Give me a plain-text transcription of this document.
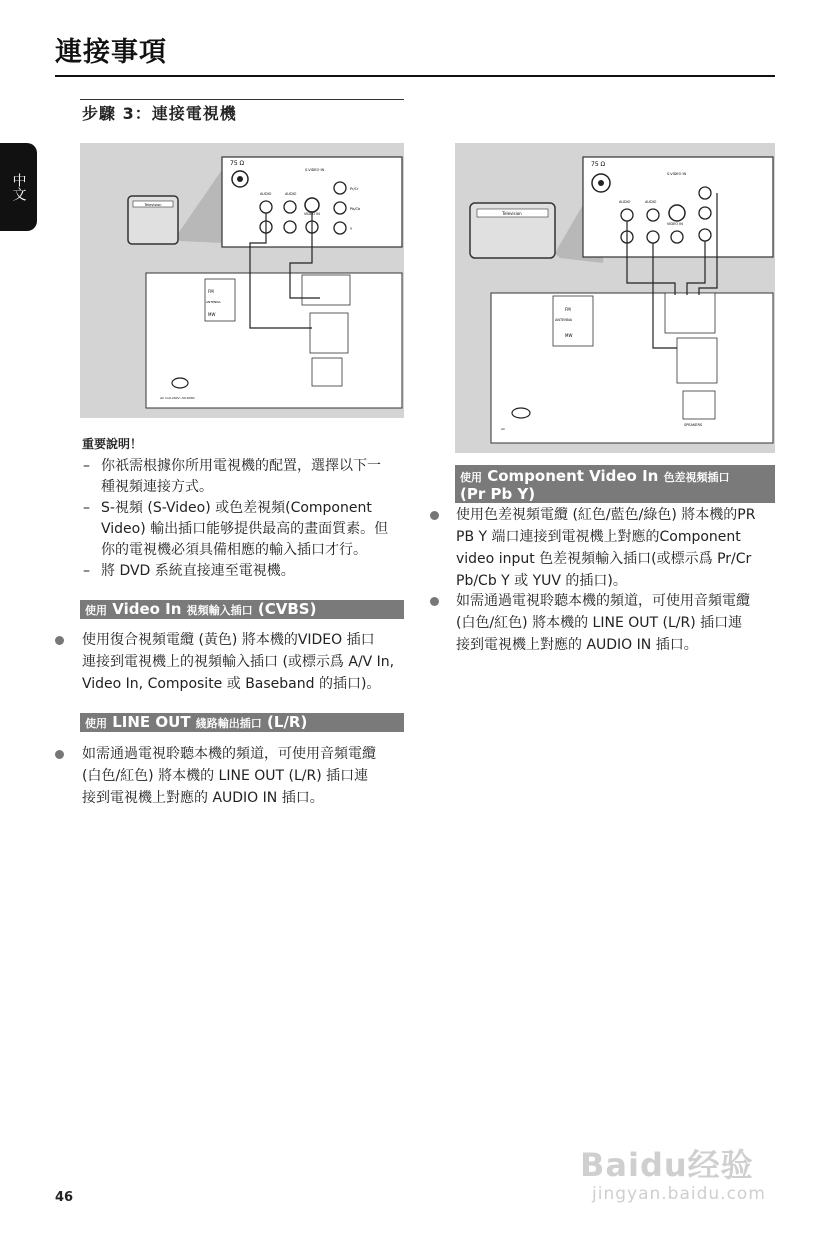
連接事項
中文
步驟 3：連接電視機
Television
75 Ω
S-VIDEO IN
AUDIO	AUDIO
Pr/Cr
Pb/Cb
Y
VIDEO IN
FM
ANTENNA
MW
AC 110-240V~50-60Hz
Television
75 Ω
S-VIDEO IN
AUDIO	AUDIO
VIDEO IN
FM
ANTENNA
MW
SPEAKERS
AC
重要說明！
– 你祇需根據你所用電視機的配置，選擇以下一
種視頻連接方式。
– S-視頻 (S-Video) 或色差視頻(Component
Video) 輸出插口能够提供最高的畫面質素。但
你的電視機必須具備相應的輸入插口才行。
– 將 DVD 系統直接連至電視機。
使用 Video In 視頻輸入插口 (CVBS)
使用復合視頻電纜 (黃色) 將本機的VIDEO 插口
連接到電視機上的視頻輸入插口 (或標示爲 A/V In,
Video In, Composite 或 Baseband 的插口)。
使用 LINE OUT 綫路輸出插口 (L/R)
如需通過電視聆聽本機的頻道，可使用音頻電纜
(白色/紅色) 將本機的 LINE OUT (L/R) 插口連
接到電視機上對應的 AUDIO IN 插口。
使用 Component Video In 色差視頻插口
(Pr Pb Y)
使用色差視頻電纜 (紅色/藍色/綠色) 將本機的PR
PB Y 端口連接到電視機上對應的Component
video input 色差視頻輸入插口(或標示爲 Pr/Cr
Pb/Cb Y 或 YUV 的插口)。
如需通過電視聆聽本機的頻道，可使用音頻電纜
(白色/紅色) 將本機的 LINE OUT (L/R) 插口連
接到電視機上對應的 AUDIO IN 插口。
46
Baidu经验
jingyan.baidu.com
